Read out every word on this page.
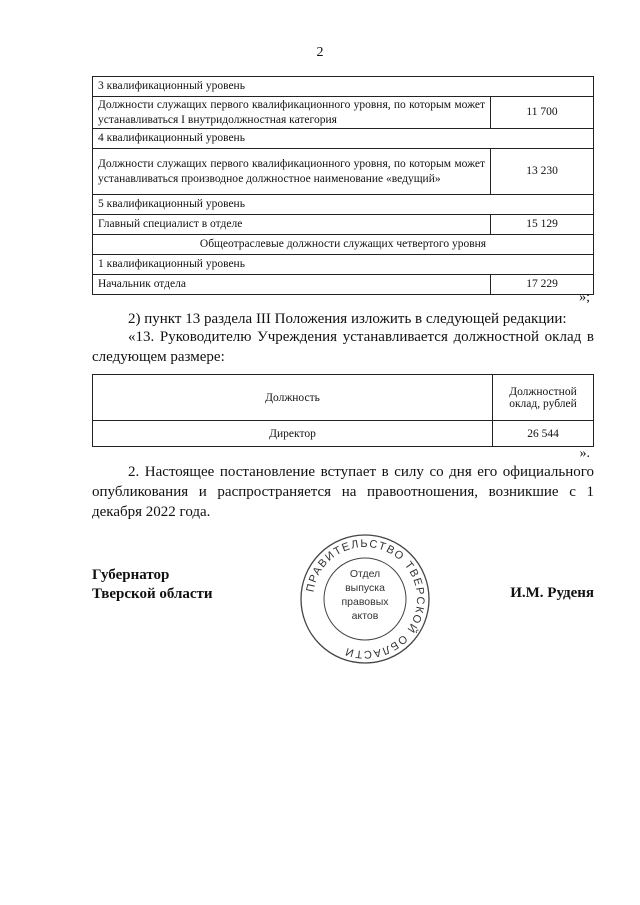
2
3 квалификационный уровень	
Должности служащих первого квалификационного уровня, по которым может устанавливаться I внутридолжностная категория	11 700
4 квалификационный уровень	
Должности служащих первого квалификационного уровня, по которым может устанавливаться производное должностное наименование «ведущий»	13 230
5 квалификационный уровень	
Главный специалист в отделе	15 129
Общеотраслевые должности служащих четвертого уровня	
1 квалификационный уровень	
Начальник отдела	17 229
»;

2) пункт 13 раздела III Положения изложить в следующей редакции:

«13. Руководителю Учреждения устанавливается должностной оклад в следующем размере:

Должность	Должностной оклад, рублей
Директор	26 544
».

2. Настоящее постановление вступает в силу со дня его официального опубликования и распространяется на правоотношения, возникшие с 1 декабря 2022 года.

Губернатор
Тверской области	И.М. Руденя
ПРАВИТЕЛЬСТВО ТВЕРСКОЙ ОБЛАСТИ
Отдел
выпуска
правовых
актов
